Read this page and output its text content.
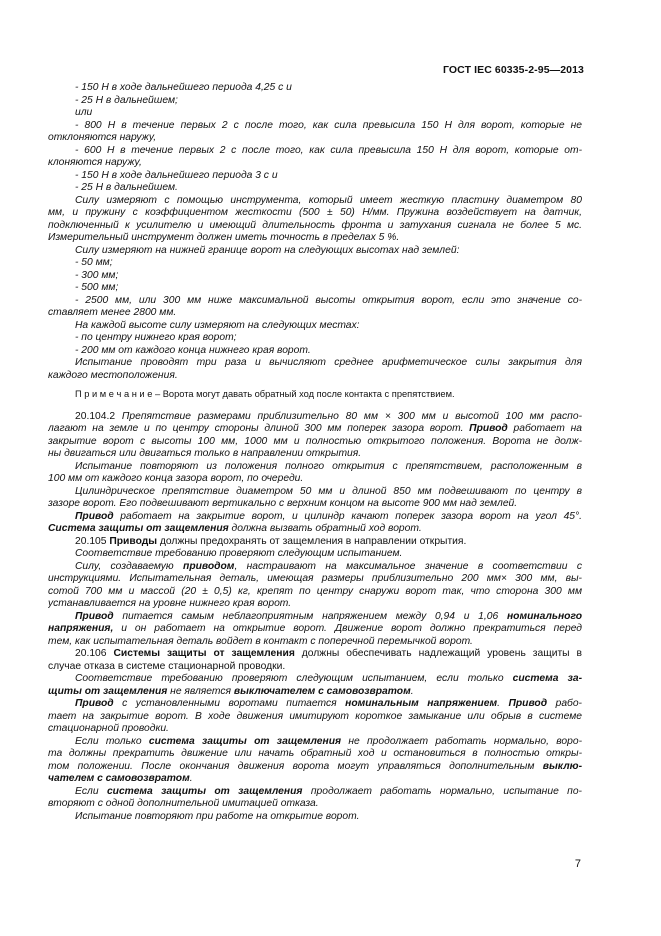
ГОСТ IEC 60335-2-95—2013
- 150 Н в ходе дальнейшего периода 4,25 с и
- 25 Н в дальнейшем;
или
- 800 Н в течение первых 2 с после того, как сила превысила 150 Н для ворот, которые не
отклоняются наружу,
- 600 Н в течение первых 2 с после того, как сила превысила 150 Н для ворот, которые от-
клоняются наружу,
- 150 Н в ходе дальнейшего периода 3 с и
- 25 Н в дальнейшем.
Силу измеряют с помощью инструмента, который имеет жесткую пластину диаметром 80
мм, и пружину с коэффициентом жесткости (500 ± 50) Н/мм. Пружина воздействует на датчик,
подключенный к усилителю и имеющий длительность фронта и затухания сигнала не более 5 мс.
Измерительный инструмент должен иметь точность в пределах 5 %.
Силу измеряют на нижней границе ворот на следующих высотах над землей:
- 50 мм;
- 300 мм;
- 500 мм;
- 2500 мм, или 300 мм ниже максимальной высоты открытия ворот, если это значение со-
ставляет менее 2800 мм.
На каждой высоте силу измеряют на следующих местах:
- по центру нижнего края ворот;
- 200 мм от каждого конца нижнего края ворот.
Испытание проводят три раза и вычисляют среднее арифметическое силы закрытия для
каждого местоположения.
П р и м е ч а н и е – Ворота могут давать обратный ход после контакта с препятствием.
20.104.2 Препятствие размерами приблизительно 80 мм × 300 мм и высотой 100 мм распо-
лагают на земле и по центру стороны длиной 300 мм поперек зазора ворот. Привод работает на
закрытие ворот с высоты 100 мм, 1000 мм и полностью открытого положения. Ворота не долж-
ны двигаться или двигаться только в направлении открытия.
Испытание повторяют из положения полного открытия с препятствием, расположенным в
100 мм от каждого конца зазора ворот, по очереди.
Цилиндрическое препятствие диаметром 50 мм и длиной 850 мм подвешивают по центру в
зазоре ворот. Его подвешивают вертикально с верхним концом на высоте 900 мм над землей.
Привод работает на закрытие ворот, и цилиндр качают поперек зазора ворот на угол 45°.
Система защиты от защемления должна вызвать обратный ход ворот.
20.105 Приводы должны предохранять от защемления в направлении открытия.
Соответствие требованию проверяют следующим испытанием.
Силу, создаваемую приводом, настраивают на максимальное значение в соответствии с
инструкциями. Испытательная деталь, имеющая размеры приблизительно 200 мм× 300 мм, вы-
сотой 700 мм и массой (20 ± 0,5) кг, крепят по центру снаружи ворот так, что сторона 300 мм
устанавливается на уровне нижнего края ворот.
Привод питается самым неблагоприятным напряжением между 0,94 и 1,06 номинального
напряжения, и он работает на открытие ворот. Движение ворот должно прекратиться перед
тем, как испытательная деталь войдет в контакт с поперечной перемычкой ворот.
20.106 Системы защиты от защемления должны обеспечивать надлежащий уровень защиты в
случае отказа в системе стационарной проводки.
Соответствие требованию проверяют следующим испытанием, если только система за-
щиты от защемления не является выключателем с самовозвратом.
Привод с установленными воротами питается номинальным напряжением. Привод рабо-
тает на закрытие ворот. В ходе движения имитируют короткое замыкание или обрыв в системе
стационарной проводки.
Если только система защиты от защемления не продолжает работать нормально, воро-
та должны прекратить движение или начать обратный ход и остановиться в полностью откры-
том положении. После окончания движения ворота могут управляться дополнительным выклю-
чателем с самовозвратом.
Если система защиты от защемления продолжает работать нормально, испытание по-
вторяют с одной дополнительной имитацией отказа.
Испытание повторяют при работе на открытие ворот.
7
